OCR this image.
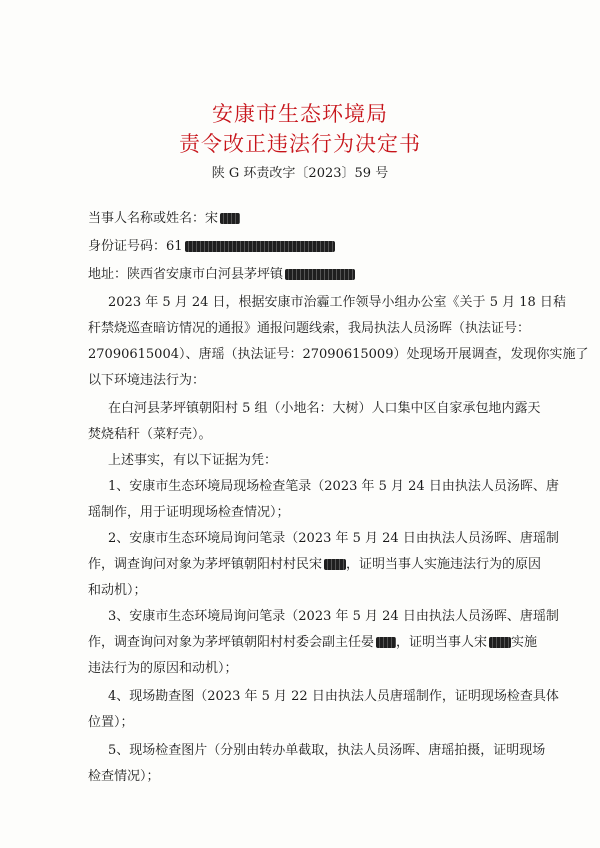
安康市生态环境局
责令改正违法行为决定书
陕 G 环责改字〔2023〕59 号
当事人名称或姓名：宋
身份证号码：61
地址：陕西省安康市白河县茅坪镇
2023 年 5 月 24 日，根据安康市治霾工作领导小组办公室《关于 5 月 18 日秸
秆禁烧巡查暗访情况的通报》通报问题线索，我局执法人员汤晖（执法证号：
27090615004）、唐瑶（执法证号：27090615009）处现场开展调查，发现你实施了
以下环境违法行为：
在白河县茅坪镇朝阳村 5 组（小地名：大树）人口集中区自家承包地内露天
焚烧秸秆（菜籽壳）。
上述事实，有以下证据为凭：
1、安康市生态环境局现场检查笔录（2023 年 5 月 24 日由执法人员汤晖、唐
瑶制作，用于证明现场检查情况）；
2、安康市生态环境局询问笔录（2023 年 5 月 24 日由执法人员汤晖、唐瑶制
作，调查询问对象为茅坪镇朝阳村村民宋 ，证明当事人实施违法行为的原因
和动机）；
3、安康市生态环境局询问笔录（2023 年 5 月 24 日由执法人员汤晖、唐瑶制
作，调查询问对象为茅坪镇朝阳村村委会副主任晏 ，证明当事人宋 实施
违法行为的原因和动机）；
4、现场勘查图（2023 年 5 月 22 日由执法人员唐瑶制作，证明现场检查具体
位置）；
5、现场检查图片（分别由转办单截取，执法人员汤晖、唐瑶拍摄，证明现场
检查情况）；
